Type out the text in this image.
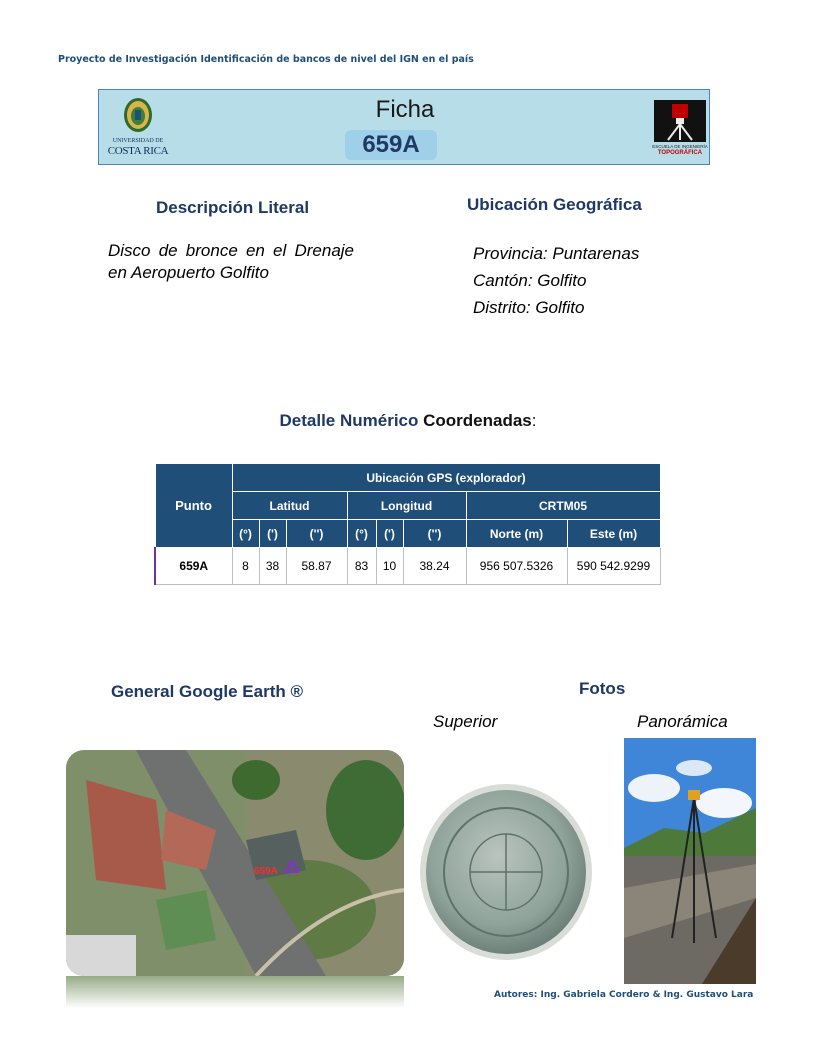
Proyecto de Investigación Identificación de bancos de nivel del IGN en el país
UNIVERSIDAD DE
COSTA RICA
Ficha
659A	ESCUELA DE INGENIERÍA
TOPOGRÁFICA
Descripción Literal
Disco de bronce en el Drenaje en Aeropuerto Golfito
Ubicación Geográfica
Provincia: Puntarenas
Cantón: Golfito
Distrito: Golfito
Detalle Numérico Coordenadas:
Punto	Ubicación GPS (explorador)							
	Latitud			Longitud			CRTM05	
	(°)	(')	('')	(°)	(')	('')	Norte (m)	Este (m)
659A	8	38	58.87	83	10	38.24	956 507.5326	590 542.9299
General Google Earth ®	Fotos
Superior	Panorámica
659A
Autores: Ing. Gabriela Cordero & Ing. Gustavo Lara
